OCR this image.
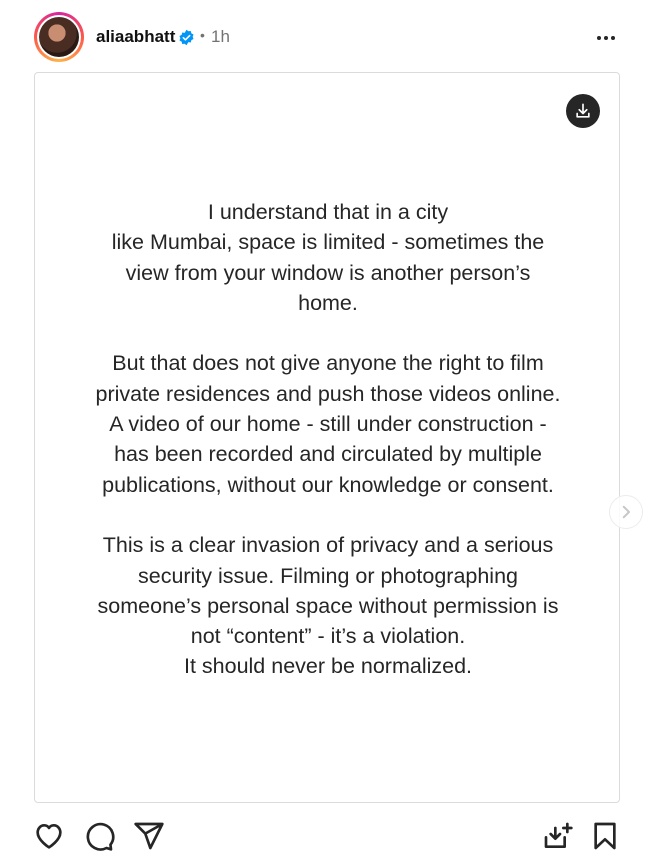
aliaabhatt • 1h

I understand that in a city
like Mumbai, space is limited - sometimes the
view from your window is another person’s
home.

But that does not give anyone the right to film
private residences and push those videos online.
A video of our home - still under construction -
has been recorded and circulated by multiple
publications, without our knowledge or consent.

This is a clear invasion of privacy and a serious
security issue. Filming or photographing
someone’s personal space without permission is
not “content” - it’s a violation.
It should never be normalized.
